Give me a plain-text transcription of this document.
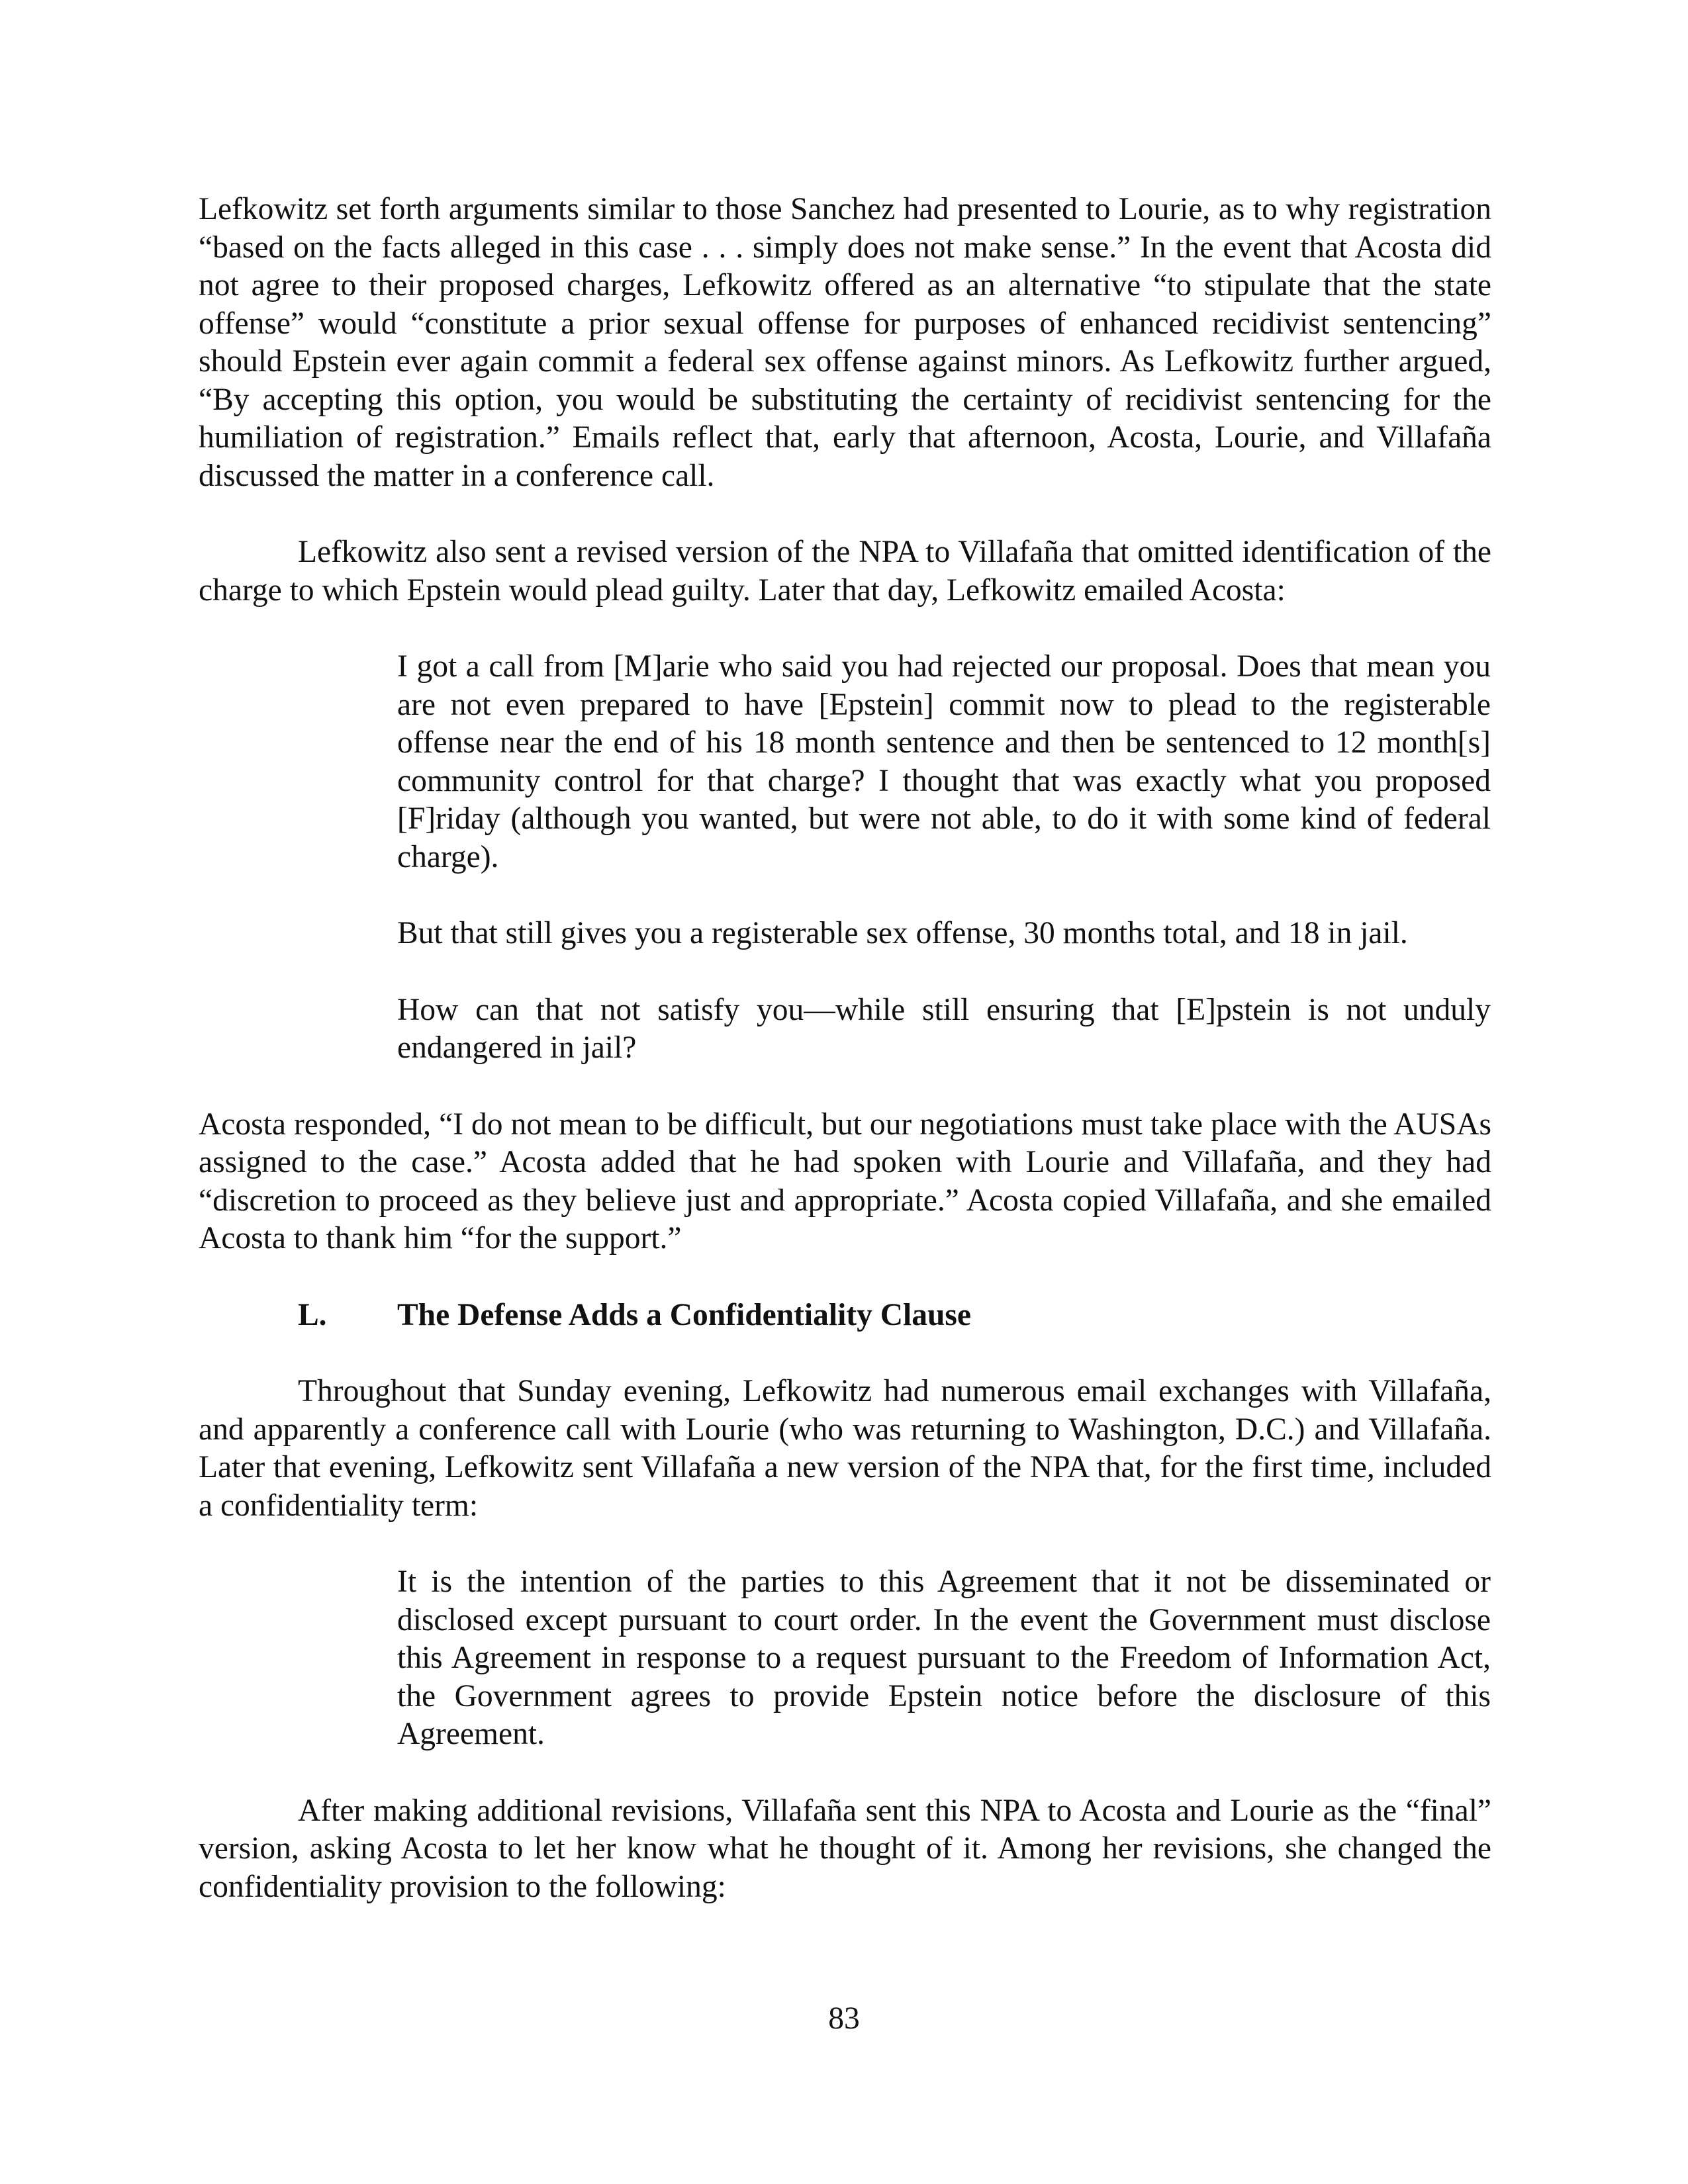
Lefkowitz set forth arguments similar to those Sanchez had presented to Lourie, as to why registration “based on the facts alleged in this case . . . simply does not make sense.” In the event that Acosta did not agree to their proposed charges, Lefkowitz offered as an alternative “to stipulate that the state offense” would “constitute a prior sexual offense for purposes of enhanced recidivist sentencing” should Epstein ever again commit a federal sex offense against minors. As Lefkowitz further argued, “By accepting this option, you would be substituting the certainty of recidivist sentencing for the humiliation of registration.” Emails reflect that, early that afternoon, Acosta, Lourie, and Villafaña discussed the matter in a conference call.

Lefkowitz also sent a revised version of the NPA to Villafaña that omitted identification of the charge to which Epstein would plead guilty. Later that day, Lefkowitz emailed Acosta:

I got a call from [M]arie who said you had rejected our proposal. Does that mean you are not even prepared to have [Epstein] commit now to plead to the registerable offense near the end of his 18 month sentence and then be sentenced to 12 month[s] community control for that charge? I thought that was exactly what you proposed [F]riday (although you wanted, but were not able, to do it with some kind of federal charge).

But that still gives you a registerable sex offense, 30 months total, and 18 in jail.

How can that not satisfy you—while still ensuring that [E]pstein is not unduly endangered in jail?

Acosta responded, “I do not mean to be difficult, but our negotiations must take place with the AUSAs assigned to the case.” Acosta added that he had spoken with Lourie and Villafaña, and they had “discretion to proceed as they believe just and appropriate.” Acosta copied Villafaña, and she emailed Acosta to thank him “for the support.”

L. The Defense Adds a Confidentiality Clause

Throughout that Sunday evening, Lefkowitz had numerous email exchanges with Villafaña, and apparently a conference call with Lourie (who was returning to Washington, D.C.) and Villafaña. Later that evening, Lefkowitz sent Villafaña a new version of the NPA that, for the first time, included a confidentiality term:

It is the intention of the parties to this Agreement that it not be disseminated or disclosed except pursuant to court order. In the event the Government must disclose this Agreement in response to a request pursuant to the Freedom of Information Act, the Government agrees to provide Epstein notice before the disclosure of this Agreement.

After making additional revisions, Villafaña sent this NPA to Acosta and Lourie as the “final” version, asking Acosta to let her know what he thought of it. Among her revisions, she changed the confidentiality provision to the following:

83
